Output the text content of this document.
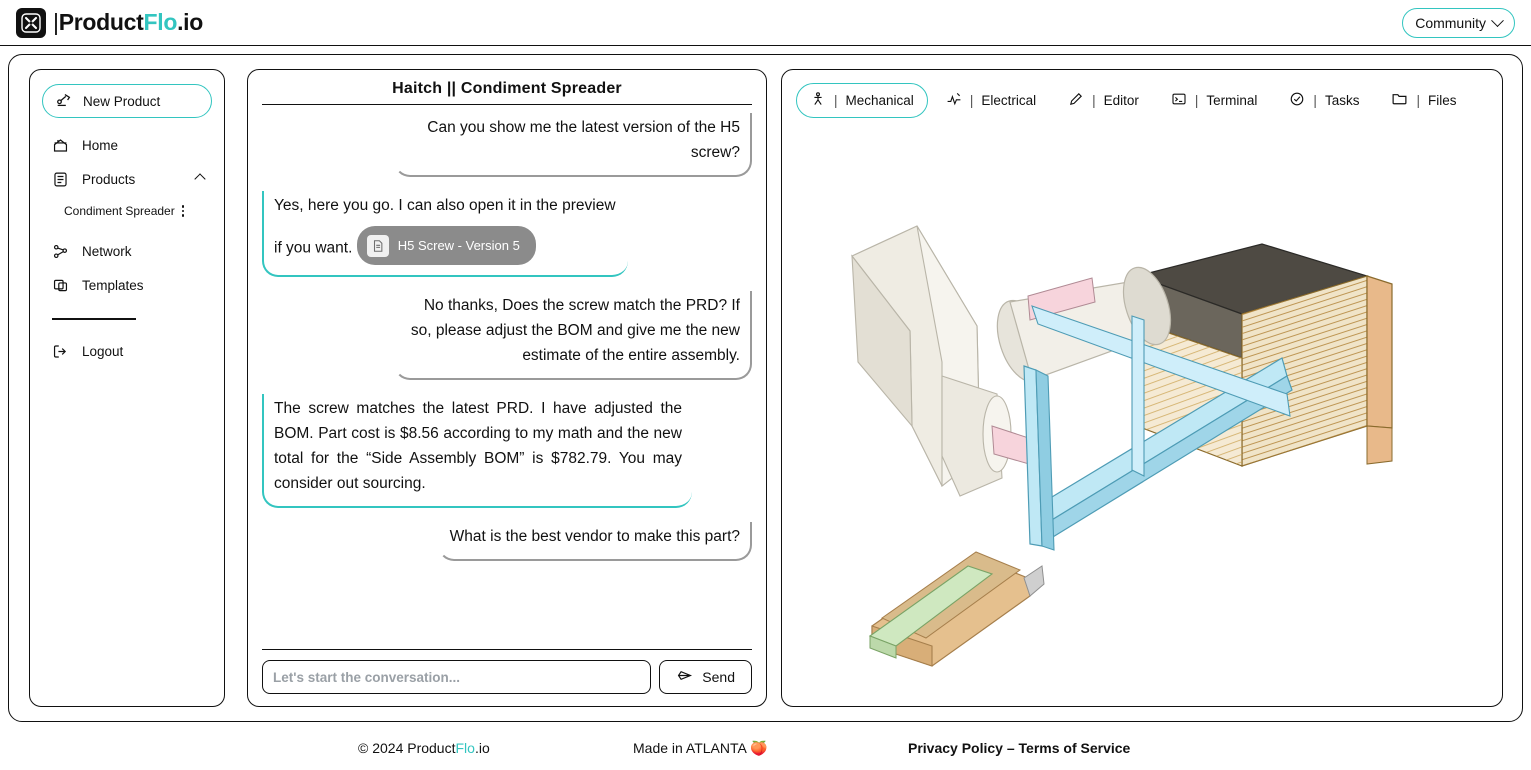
|ProductFlo.io	Community
New Product
Home
Products
Condiment Spreader
Network
Templates
Logout
Haitch || Condiment Spreader
Can you show me the latest version of the H5 screw?
Yes, here you go. I can also open it in the preview if you want.	H5 Screw - Version 5
No thanks, Does the screw match the PRD? If so, please adjust the BOM and give me the new estimate of the entire assembly.
The screw matches the latest PRD. I have adjusted the BOM. Part cost is $8.56 according to my math and the new total for the “Side Assembly BOM” is $782.79. You may consider out sourcing.
What is the best vendor to make this part?
Let's start the conversation...
Send
| Mechanical	| Electrical	| Editor	| Terminal	| Tasks	| Files
© 2024 ProductFlo.io	Made in ATLANTA 🍑	Privacy Policy – Terms of Service
